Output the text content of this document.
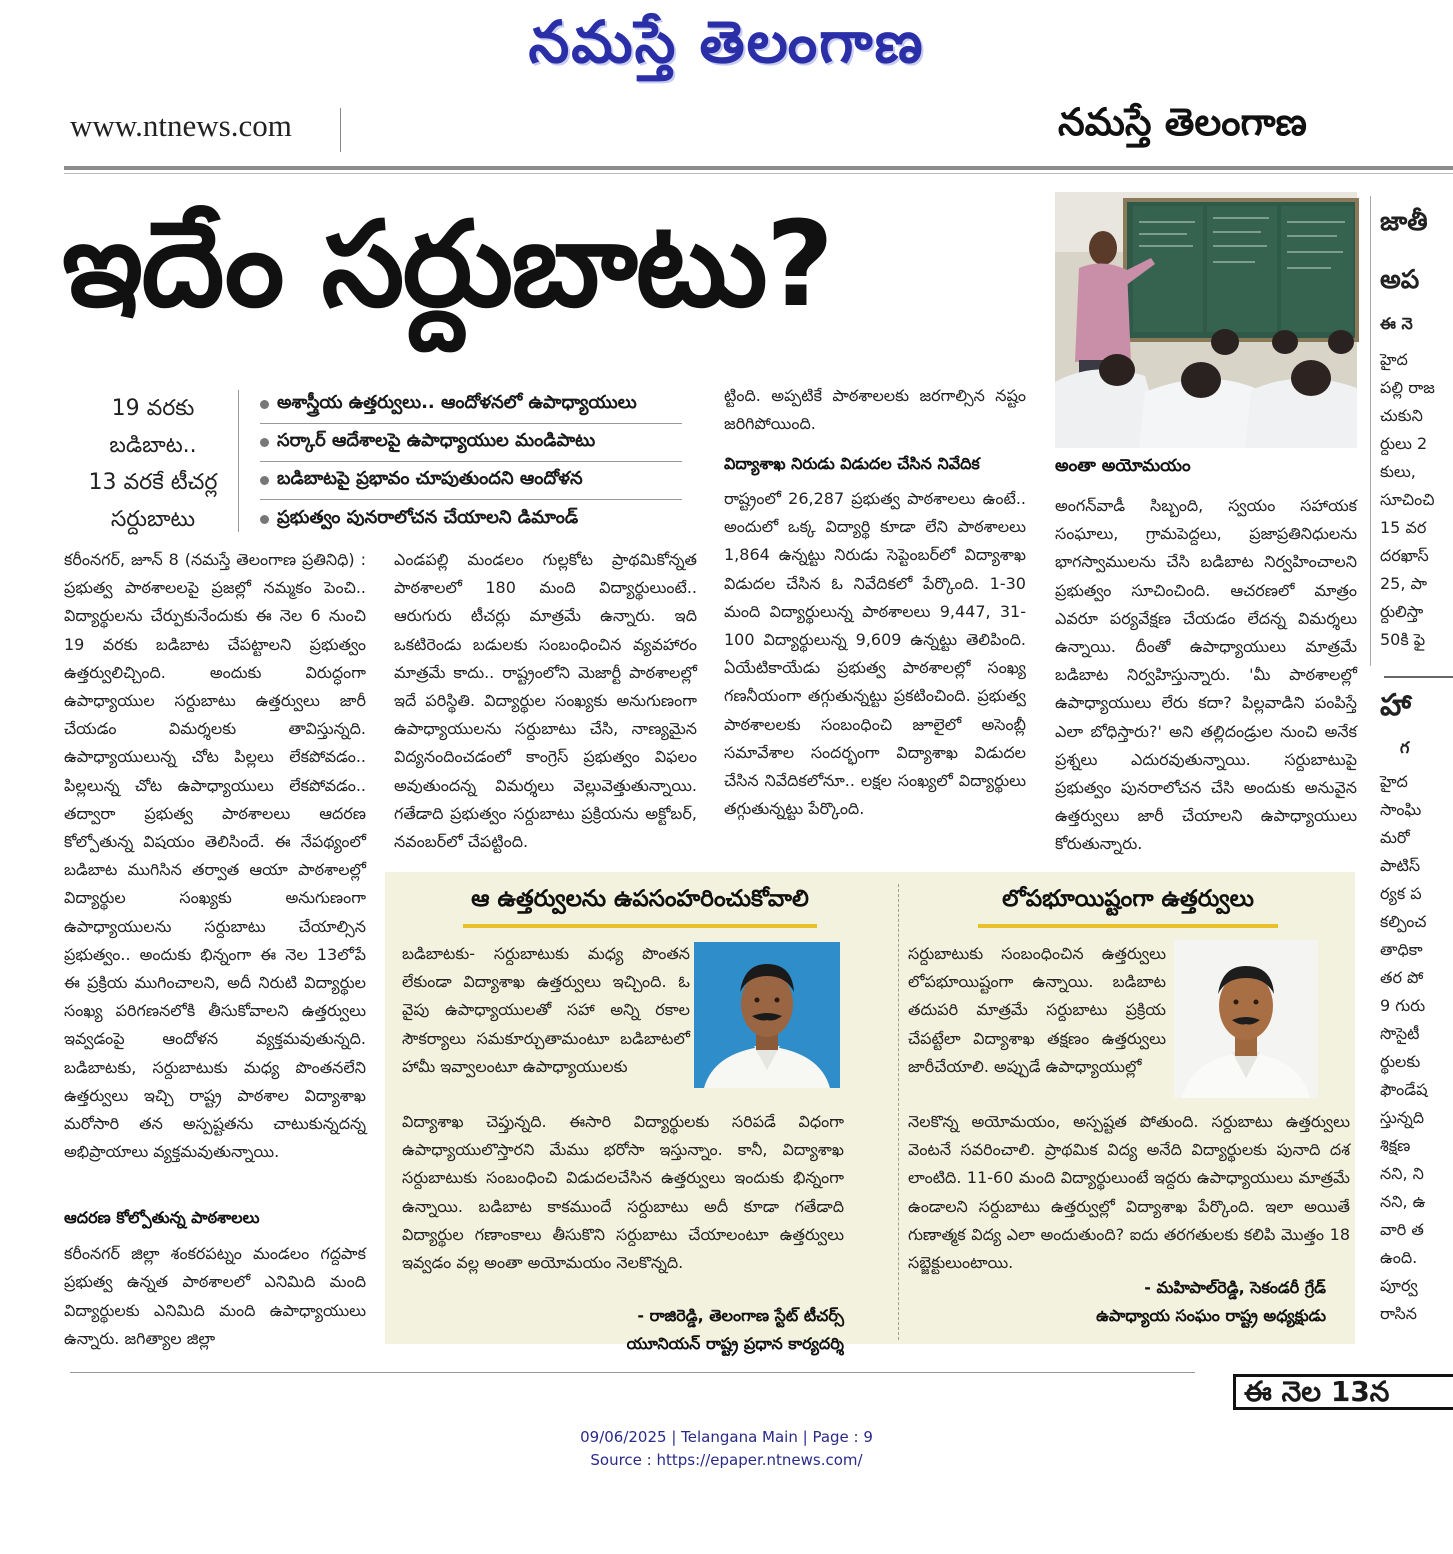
నమస్తే తెలంగాణ
www.ntnews.com	నమస్తే తెలంగాణ
ఇదేం సర్దుబాటు?
19 వరకు
బడిబాట..
13 వరకే టీచర్ల
సర్దుబాటు
అశాస్త్రీయ ఉత్తర్వులు.. ఆందోళనలో ఉపాధ్యాయులు
సర్కార్ ఆదేశాలపై ఉపాధ్యాయుల మండిపాటు
బడిబాటపై ప్రభావం చూపుతుందని ఆందోళన
ప్రభుత్వం పునరాలోచన చేయాలని డిమాండ్
కరీంనగర్, జూన్ 8 (నమస్తే తెలంగాణ ప్రతినిధి) : ప్రభుత్వ పాఠశాలలపై ప్రజల్లో నమ్మకం పెంచి.. విద్యార్థులను చేర్పుకునేందుకు ఈ నెల 6 నుంచి 19 వరకు బడిబాట చేపట్టాలని ప్రభుత్వం ఉత్తర్వులిచ్చింది. అందుకు విరుద్ధంగా ఉపాధ్యాయుల సర్దుబాటు ఉత్తర్వులు జారీ చేయడం విమర్శలకు తావిస్తున్నది. ఉపాధ్యాయులున్న చోట పిల్లలు లేకపోవడం.. పిల్లలున్న చోట ఉపాధ్యాయులు లేకపోవడం.. తద్వారా ప్రభుత్వ పాఠశాలలు ఆదరణ కోల్పోతున్న విషయం తెలిసిందే. ఈ నేపథ్యంలో బడిబాట ముగిసిన తర్వాత ఆయా పాఠశాలల్లో విద్యార్థుల సంఖ్యకు అనుగుణంగా ఉపాధ్యాయులను సర్దుబాటు చేయాల్సిన ప్రభుత్వం.. అందుకు భిన్నంగా ఈ నెల 13లోపే ఈ ప్రక్రియ ముగించాలని, అదీ నిరుటి విద్యార్థుల సంఖ్య పరిగణనలోకి తీసుకోవాలని ఉత్తర్వులు ఇవ్వడంపై ఆందోళన వ్యక్తమవుతున్నది. బడిబాటకు, సర్దుబాటుకు మధ్య పొంతనలేని ఉత్తర్వులు ఇచ్చి రాష్ట్ర పాఠశాల విద్యాశాఖ మరోసారి తన అస్పష్టతను చాటుకున్నదన్న అభిప్రాయాలు వ్యక్తమవుతున్నాయి.
ఆదరణ కోల్పోతున్న పాఠశాలలు
కరీంనగర్ జిల్లా శంకరపట్నం మండలం గద్దపాక ప్రభుత్వ ఉన్నత పాఠశాలలో ఎనిమిది మంది విద్యార్థులకు ఎనిమిది మంది ఉపాధ్యాయులు ఉన్నారు. జగిత్యాల జిల్లా
ఎండపల్లి మండలం గుల్లకోట ప్రాథమికోన్నత పాఠశాలలో 180 మంది విద్యార్థులుంటే.. ఆరుగురు టీచర్లు మాత్రమే ఉన్నారు. ఇది ఒకటిరెండు బడులకు సంబంధించిన వ్యవహారం మాత్రమే కాదు.. రాష్ట్రంలోని మెజార్టీ పాఠశాలల్లో ఇదే పరిస్థితి. విద్యార్థుల సంఖ్యకు అనుగుణంగా ఉపాధ్యాయులను సర్దుబాటు చేసి, నాణ్యమైన విద్యనందించడంలో కాంగ్రెస్ ప్రభుత్వం విఫలం అవుతుందన్న విమర్శలు వెల్లువెత్తుతున్నాయి. గతేడాది ప్రభుత్వం సర్దుబాటు ప్రక్రియను అక్టోబర్, నవంబర్‌లో చేపట్టింది.
ట్టింది. అప్పటికే పాఠశాలలకు జరగాల్సిన నష్టం జరిగిపోయింది.
విద్యాశాఖ నిరుడు విడుదల చేసిన నివేదిక
రాష్ట్రంలో 26,287 ప్రభుత్వ పాఠశాలలు ఉంటే.. అందులో ఒక్క విద్యార్థి కూడా లేని పాఠశాలలు 1,864 ఉన్నట్టు నిరుడు సెప్టెంబర్‌లో విద్యాశాఖ విడుదల చేసిన ఓ నివేదికలో పేర్కొంది. 1-30 మంది విద్యార్థులున్న పాఠశాలలు 9,447, 31-100 విద్యార్థులున్న 9,609 ఉన్నట్టు తెలిపింది. ఏయేటికాయేడు ప్రభుత్వ పాఠశాలల్లో సంఖ్య గణనీయంగా తగ్గుతున్నట్టు ప్రకటించింది. ప్రభుత్వ పాఠశాలలకు సంబంధించి జూలైలో అసెంబ్లీ సమావేశాల సందర్భంగా విద్యాశాఖ విడుదల చేసిన నివేదికలోనూ.. లక్షల సంఖ్యలో విద్యార్థులు తగ్గుతున్నట్టు పేర్కొంది.
అంతా అయోమయం
అంగన్‌వాడీ సిబ్బంది, స్వయం సహాయక సంఘాలు, గ్రామపెద్దలు, ప్రజాప్రతినిధులను భాగస్వాములను చేసి బడిబాట నిర్వహించాలని ప్రభుత్వం సూచించింది. ఆచరణలో మాత్రం ఎవరూ పర్యవేక్షణ చేయడం లేదన్న విమర్శలు ఉన్నాయి. దీంతో ఉపాధ్యాయులు మాత్రమే బడిబాట నిర్వహిస్తున్నారు. 'మీ పాఠశాలల్లో ఉపాధ్యాయులు లేరు కదా? పిల్లవాడిని పంపిస్తే ఎలా బోధిస్తారు?' అని తల్లిదండ్రుల నుంచి అనేక ప్రశ్నలు ఎదురవుతున్నాయి. సర్దుబాటుపై ప్రభుత్వం పునరాలోచన చేసి అందుకు అనువైన ఉత్తర్వులు జారీ చేయాలని ఉపాధ్యాయులు కోరుతున్నారు.
జాతీ
అప
ఈ నె
హైద
పల్లి రాజ
చుకుని
ర్దులు 2
కులు,
సూచించి
15 వర
దరఖాస్
25, పా
ర్దులిస్తా
50కి ఫై
హా
గ
హైద
సాంఘి
మరో
పాటిస్
ర్యక ప
కల్పించ
తాధికా
తర పో
9 గురు
సొసైటీ
ర్థులకు
ఫౌండేష
స్తున్నది
శిక్షణ
నని, ని
నని, ఉ
వారి త
ఉంది.
పూర్వ
రాసిన
ఆ ఉత్తర్వులను ఉపసంహరించుకోవాలి
బడిబాటకు- సర్దుబాటుకు మధ్య పొంతన లేకుండా విద్యాశాఖ ఉత్తర్వులు ఇచ్చింది. ఓ వైపు ఉపాధ్యాయులతో సహా అన్ని రకాల సౌకర్యాలు సమకూర్చుతామంటూ బడిబాటలో హామీ ఇవ్వాలంటూ ఉపాధ్యాయులకు
విద్యాశాఖ చెప్తున్నది. ఈసారి విద్యార్థులకు సరిపడే విధంగా ఉపాధ్యాయులొస్తారని మేము భరోసా ఇస్తున్నాం. కానీ, విద్యాశాఖ సర్దుబాటుకు సంబంధించి విడుదలచేసిన ఉత్తర్వులు ఇందుకు భిన్నంగా ఉన్నాయి. బడిబాట కాకముందే సర్దుబాటు అదీ కూడా గతేడాది విద్యార్థుల గణాంకాలు తీసుకొని సర్దుబాటు చేయాలంటూ ఉత్తర్వులు ఇవ్వడం వల్ల అంతా అయోమయం నెలకొన్నది.
- రాజిరెడ్డి, తెలంగాణ స్టేట్ టీచర్స్
యూనియన్ రాష్ట్ర ప్రధాన కార్యదర్శి
లోపభూయిష్టంగా ఉత్తర్వులు
సర్దుబాటుకు సంబంధించిన ఉత్తర్వులు లోపభూయిష్టంగా ఉన్నాయి. బడిబాట తదుపరి మాత్రమే సర్దుబాటు ప్రక్రియ చేపట్టేలా విద్యాశాఖ తక్షణం ఉత్తర్వులు జారీచేయాలి. అప్పుడే ఉపాధ్యాయుల్లో
నెలకొన్న అయోమయం, అస్పష్టత పోతుంది. సర్దుబాటు ఉత్తర్వులు వెంటనే సవరించాలి. ప్రాథమిక విద్య అనేది విద్యార్థులకు పునాది దశ లాంటిది. 11-60 మంది విద్యార్థులుంటే ఇద్దరు ఉపాధ్యాయులు మాత్రమే ఉండాలని సర్దుబాటు ఉత్తర్వుల్లో విద్యాశాఖ పేర్కొంది. ఇలా అయితే గుణాత్మక విద్య ఎలా అందుతుంది? ఐదు తరగతులకు కలిపి మొత్తం 18 సబ్జెక్టులుంటాయి.
- మహిపాల్‌రెడ్డి, సెకండరీ గ్రేడ్
ఉపాధ్యాయ సంఘం రాష్ట్ర అధ్యక్షుడు
ఈ నెల 13న
09/06/2025 | Telangana Main | Page : 9
Source : https://epaper.ntnews.com/
